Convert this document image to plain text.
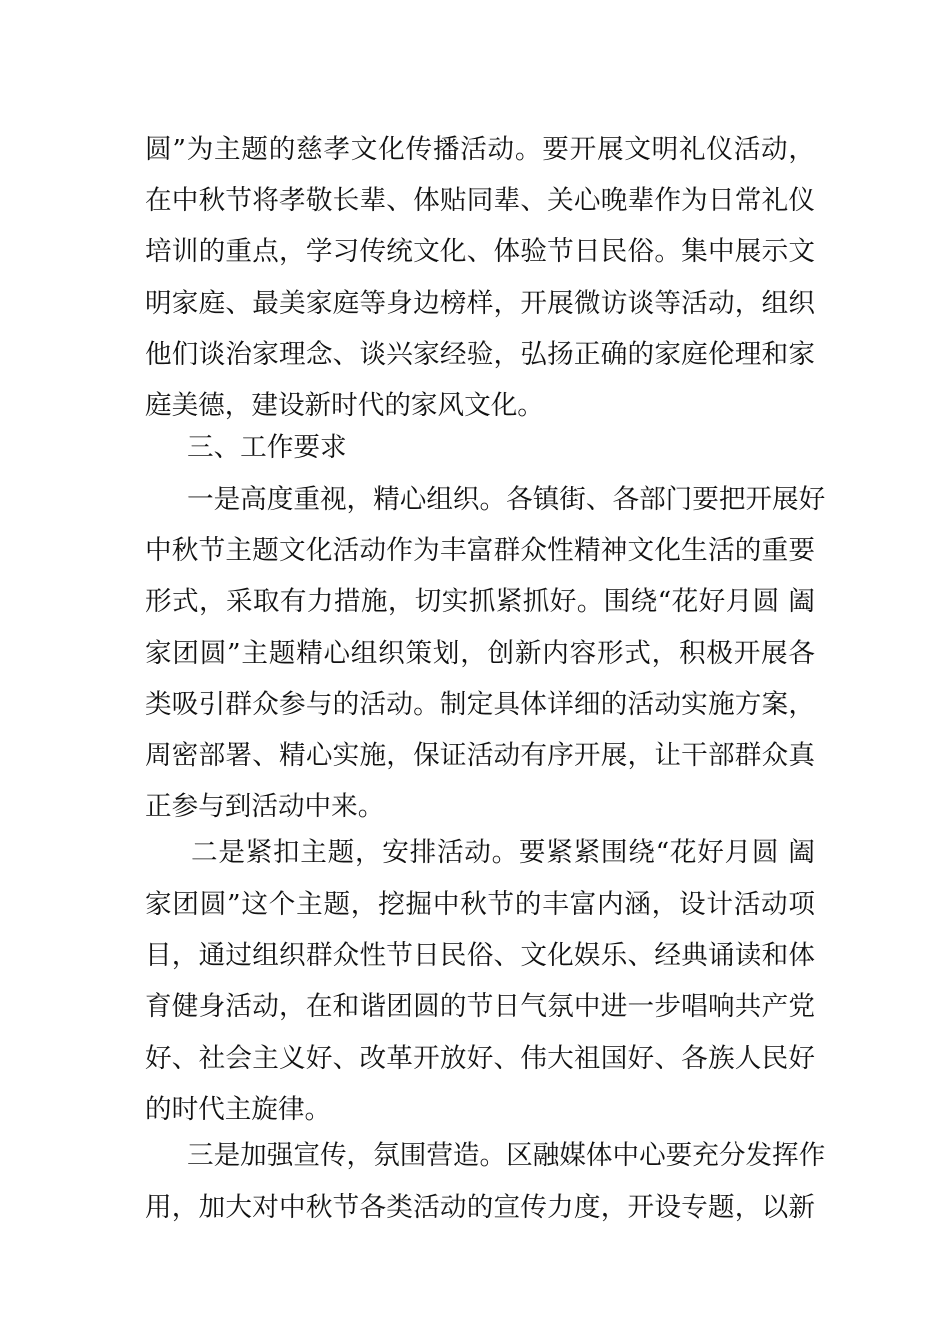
圆”为主题的慈孝文化传播活动。要开展文明礼仪活动，
在中秋节将孝敬长辈、体贴同辈、关心晚辈作为日常礼仪
培训的重点，学习传统文化、体验节日民俗。集中展示文
明家庭、最美家庭等身边榜样，开展微访谈等活动，组织
他们谈治家理念、谈兴家经验，弘扬正确的家庭伦理和家
庭美德，建设新时代的家风文化。
三、工作要求
一是高度重视，精心组织。各镇街、各部门要把开展好
中秋节主题文化活动作为丰富群众性精神文化生活的重要
形式，采取有力措施，切实抓紧抓好。围绕“花好月圆 阖
家团圆”主题精心组织策划，创新内容形式，积极开展各
类吸引群众参与的活动。制定具体详细的活动实施方案，
周密部署、精心实施，保证活动有序开展，让干部群众真
正参与到活动中来。
二是紧扣主题，安排活动。要紧紧围绕“花好月圆 阖
家团圆”这个主题，挖掘中秋节的丰富内涵，设计活动项
目，通过组织群众性节日民俗、文化娱乐、经典诵读和体
育健身活动，在和谐团圆的节日气氛中进一步唱响共产党
好、社会主义好、改革开放好、伟大祖国好、各族人民好
的时代主旋律。
三是加强宣传，氛围营造。区融媒体中心要充分发挥作
用，加大对中秋节各类活动的宣传力度，开设专题，以新
